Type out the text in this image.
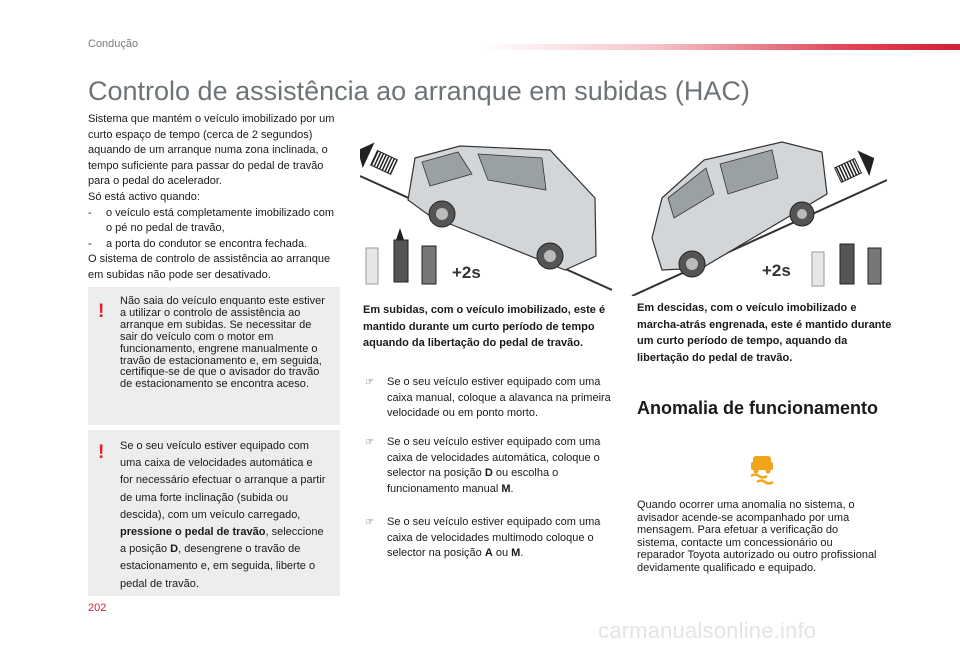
Condução
Controlo de assistência ao arranque em subidas (HAC)

Sistema que mantém o veículo imobilizado por um curto espaço de tempo (cerca de 2 segundos) aquando de um arranque numa zona inclinada, o tempo suficiente para passar do pedal de travão para o pedal do acelerador.

Só está activo quando:

-	o veículo está completamente imobilizado com o pé no pedal de travão,
-	a porta do condutor se encontra fechada.

O sistema de controlo de assistência ao arranque em subidas não pode ser desativado.

! Não saia do veículo enquanto este estiver a utilizar o controlo de assistência ao arranque em subidas. Se necessitar de sair do veículo com o motor em funcionamento, engrene manualmente o travão de estacionamento e, em seguida, certifique-se de que o avisador do travão de estacionamento se encontra aceso.
! Se o seu veículo estiver equipado com uma caixa de velocidades automática e for necessário efectuar o arranque a partir de uma forte inclinação (subida ou descida), com um veículo carregado, pressione o pedal de travão, seleccione a posição D, desengrene o travão de estacionamento e, em seguida, liberte o pedal de travão.
+2s	+2s
Em subidas, com o veículo imobilizado, este é mantido durante um curto período de tempo aquando da libertação do pedal de travão.
☞	Se o seu veículo estiver equipado com uma caixa manual, coloque a alavanca na primeira velocidade ou em ponto morto.
☞	Se o seu veículo estiver equipado com uma caixa de velocidades automática, coloque o selector na posição D ou escolha o funcionamento manual M.
☞	Se o seu veículo estiver equipado com uma caixa de velocidades multimodo coloque o selector na posição A ou M.
Em descidas, com o veículo imobilizado e marcha-atrás engrenada, este é mantido durante um curto período de tempo, aquando da libertação do pedal de travão.
Anomalia de funcionamento
Quando ocorrer uma anomalia no sistema, o avisador acende-se acompanhado por uma mensagem. Para efetuar a verificação do sistema, contacte um concessionário ou reparador Toyota autorizado ou outro profissional devidamente qualificado e equipado.
202
carmanualsonline.info
